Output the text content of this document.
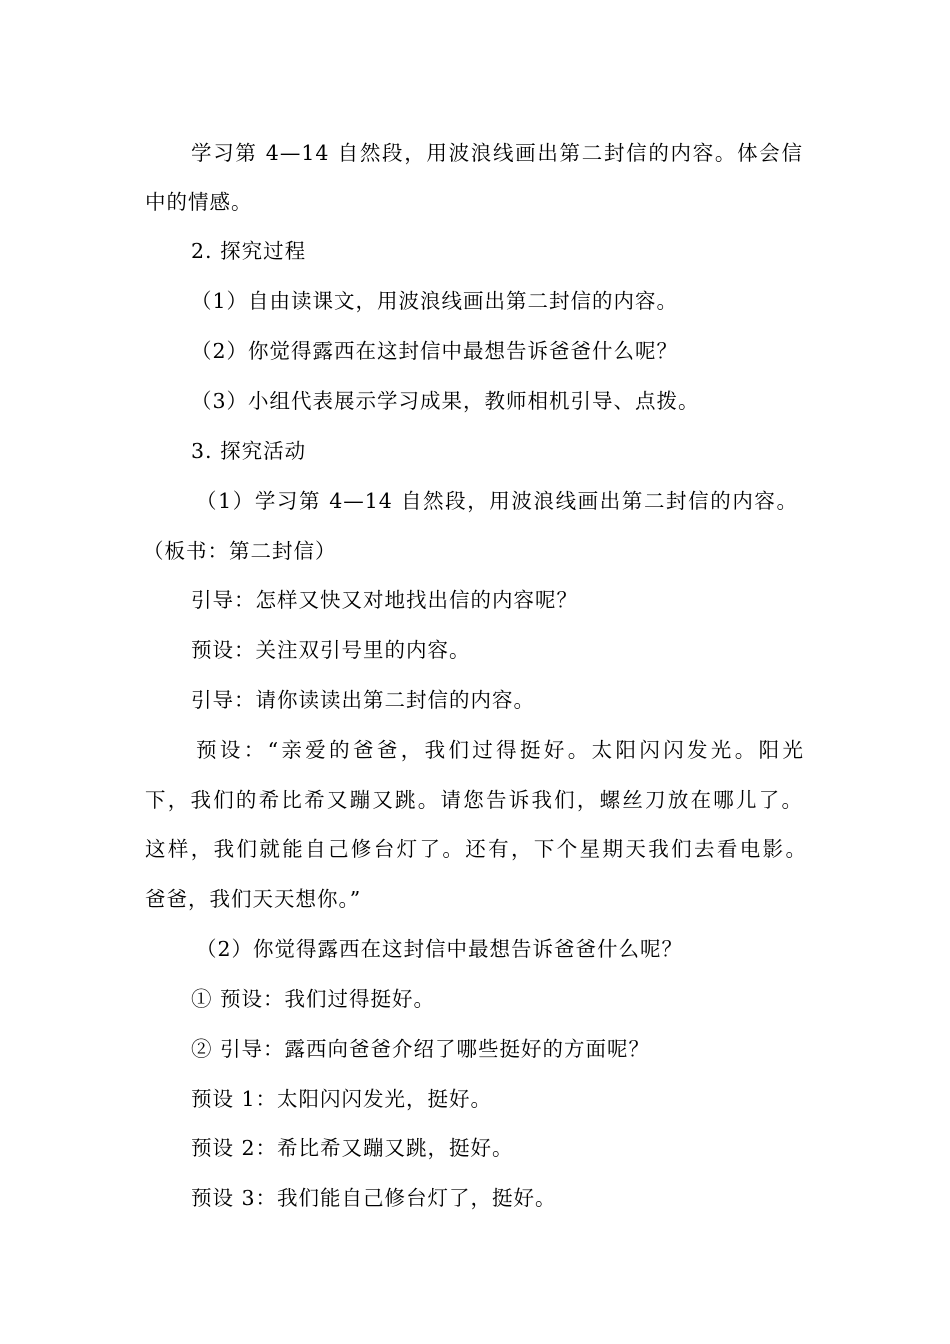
学习第 4—14 自然段，用波浪线画出第二封信的内容。体会信
中的情感。
2. 探究过程
（1）自由读课文，用波浪线画出第二封信的内容。
（2）你觉得露西在这封信中最想告诉爸爸什么呢？
（3）小组代表展示学习成果，教师相机引导、点拨。
3. 探究活动
（1）学习第 4—14 自然段，用波浪线画出第二封信的内容。
（板书：第二封信）
引导：怎样又快又对地找出信的内容呢？
预设：关注双引号里的内容。
引导：请你读读出第二封信的内容。
预设：“亲爱的爸爸，我们过得挺好。太阳闪闪发光。阳光
下，我们的希比希又蹦又跳。请您告诉我们，螺丝刀放在哪儿了。
这样，我们就能自己修台灯了。还有，下个星期天我们去看电影。
爸爸，我们天天想你。”
（2）你觉得露西在这封信中最想告诉爸爸什么呢？
① 预设：我们过得挺好。
② 引导：露西向爸爸介绍了哪些挺好的方面呢？
预设 1：太阳闪闪发光，挺好。
预设 2：希比希又蹦又跳，挺好。
预设 3：我们能自己修台灯了，挺好。
